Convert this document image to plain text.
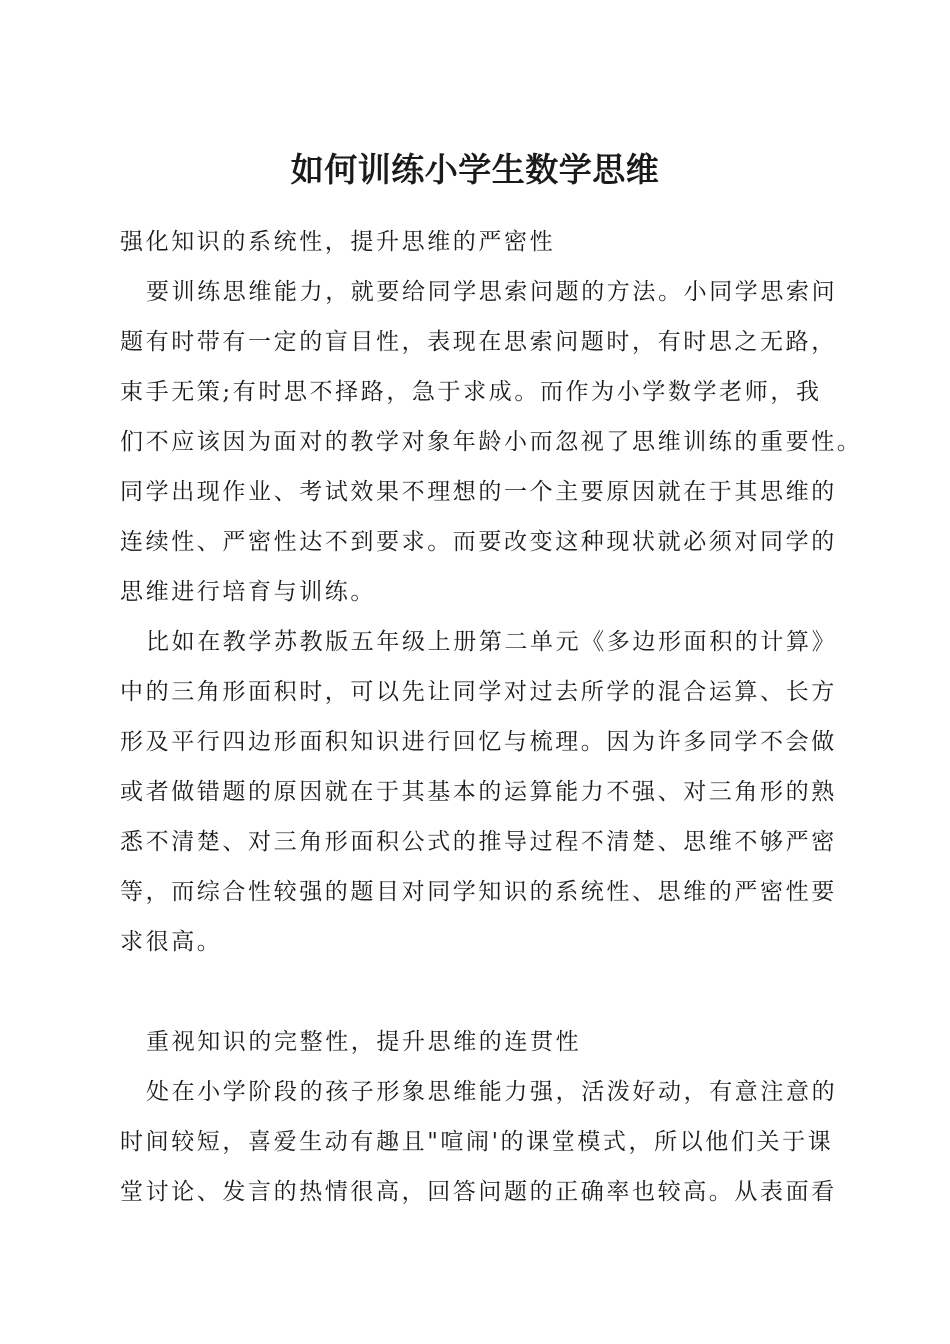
如何训练小学生数学思维
强化知识的系统性，提升思维的严密性
要训练思维能力，就要给同学思索问题的方法。小同学思索问
题有时带有一定的盲目性，表现在思索问题时，有时思之无路，
束手无策;有时思不择路，急于求成。而作为小学数学老师，我
们不应该因为面对的教学对象年龄小而忽视了思维训练的重要性。
同学出现作业、考试效果不理想的一个主要原因就在于其思维的
连续性、严密性达不到要求。而要改变这种现状就必须对同学的
思维进行培育与训练。
比如在教学苏教版五年级上册第二单元《多边形面积的计算》
中的三角形面积时，可以先让同学对过去所学的混合运算、长方
形及平行四边形面积知识进行回忆与梳理。因为许多同学不会做
或者做错题的原因就在于其基本的运算能力不强、对三角形的熟
悉不清楚、对三角形面积公式的推导过程不清楚、思维不够严密
等，而综合性较强的题目对同学知识的系统性、思维的严密性要
求很高。
重视知识的完整性，提升思维的连贯性
处在小学阶段的孩子形象思维能力强，活泼好动，有意注意的
时间较短，喜爱生动有趣且"喧闹'的课堂模式，所以他们关于课
堂讨论、发言的热情很高，回答问题的正确率也较高。从表面看
